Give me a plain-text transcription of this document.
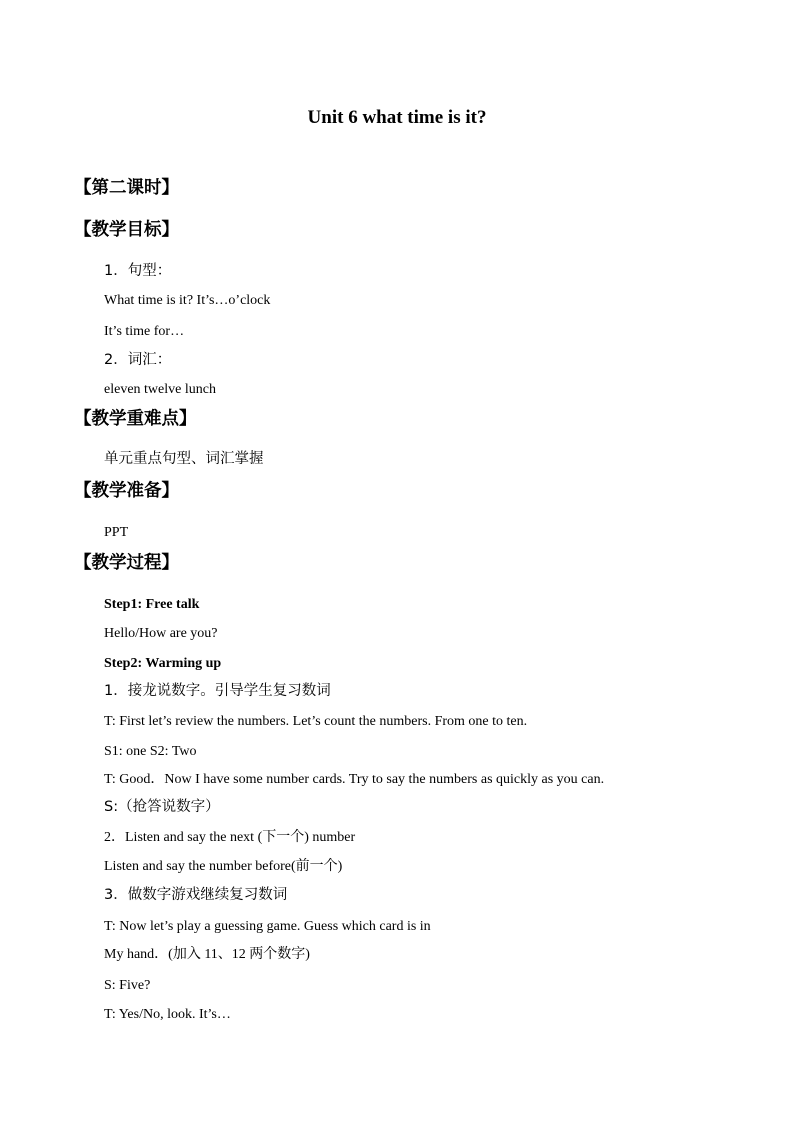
Unit 6 what time is it?
【第二课时】
【教学目标】
1．句型：
What time is it? It’s…o’clock
It’s time for…
2．词汇：
eleven twelve lunch
【教学重难点】
单元重点句型、词汇掌握
【教学准备】
PPT
【教学过程】
Step1: Free talk
Hello/How are you?
Step2: Warming up
1．接龙说数字。引导学生复习数词
T: First let’s review the numbers. Let’s count the numbers. From one to ten.
S1: one S2: Two
T: Good．Now I have some number cards. Try to say the numbers as quickly as you can.
S:（抢答说数字）
2．Listen and say the next (下一个) number
Listen and say the number before(前一个)
3．做数字游戏继续复习数词
T: Now let’s play a guessing game. Guess which card is in
My hand．(加入 11、12 两个数字)
S: Five?
T: Yes/No, look. It’s…
